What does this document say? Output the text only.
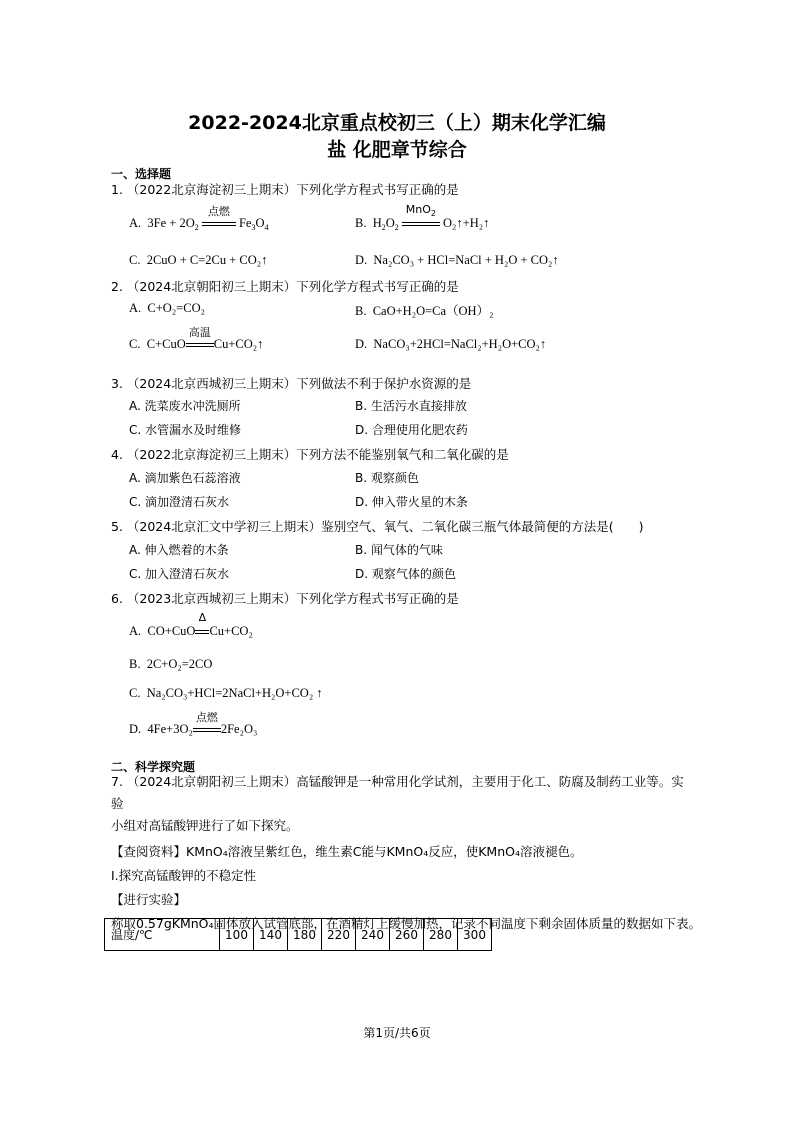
2022-2024北京重点校初三（上）期末化学汇编
盐 化肥章节综合
一、选择题
1. （2022北京海淀初三上期末）下列化学方程式书写正确的是
A. $3Fe + 2O_2$
点燃
$Fe_3O_4$	B. $H_2O_2$
MnO$_2$
O₂↑+H₂↑
C. 2CuO + C=2Cu + CO₂↑	D. Na₂CO₃ + HCl=NaCl + H₂O + CO₂↑
2. （2024北京朝阳初三上期末）下列化学方程式书写正确的是
A. C+O₂=CO₂	B. CaO+H₂O=Ca（OH）₂
C. C+CuO
高温
Cu+CO₂↑	D. NaCO₃+2HCl=NaCl₂+H₂O+CO₂↑
3. （2024北京西城初三上期末）下列做法不利于保护水资源的是
A. 洗菜废水冲洗厕所	B. 生活污水直接排放
C. 水管漏水及时维修	D. 合理使用化肥农药
4. （2022北京海淀初三上期末）下列方法不能鉴别氧气和二氧化碳的是
A. 滴加紫色石蕊溶液	B. 观察颜色
C. 滴加澄清石灰水	D. 伸入带火星的木条
5. （2024北京汇文中学初三上期末）鉴别空气、氧气、二氧化碳三瓶气体最简便的方法是(　　)
A. 伸入燃着的木条	B. 闻气体的气味
C. 加入澄清石灰水	D. 观察气体的颜色
6. （2023北京西城初三上期末）下列化学方程式书写正确的是
A. CO+CuO
Δ
Cu+CO₂
B. 2C+O₂=2CO
C. Na₂CO₃+HCl=2NaCl+H₂O+CO₂ ↑
D. 4Fe+3O₂
点燃
2Fe₂O₃
二、科学探究题
7. （2024北京朝阳初三上期末）高锰酸钾是一种常用化学试剂，主要用于化工、防腐及制药工业等。实验
小组对高锰酸钾进行了如下探究。
【查阅资料】KMnO₄溶液呈紫红色，维生素C能与KMnO₄反应，使KMnO₄溶液褪色。
Ⅰ.探究高锰酸钾的不稳定性
【进行实验】
称取0.57gKMnO₄固体放入试管底部，在酒精灯上缓慢加热，记录不同温度下剩余固体质量的数据如下表。
温度/℃	100	140	180	220	240	260	280	300
第1页/共6页
